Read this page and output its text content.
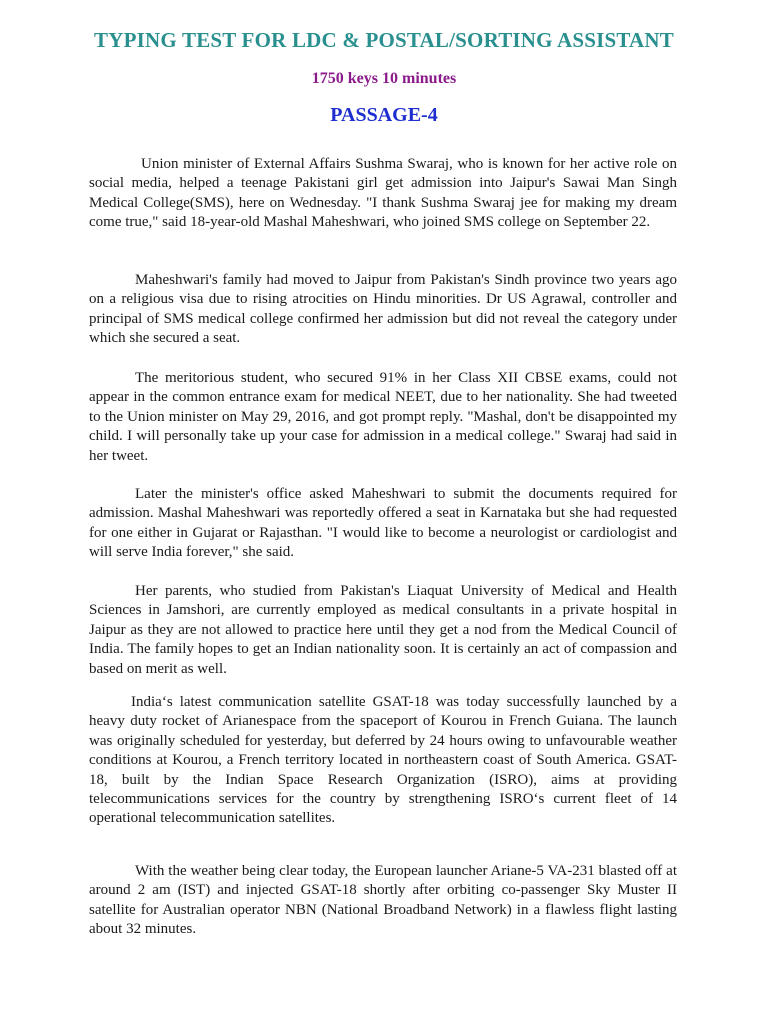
TYPING TEST FOR LDC & POSTAL/SORTING ASSISTANT
1750 keys 10 minutes
PASSAGE-4

Union minister of External Affairs Sushma Swaraj, who is known for her active role on social media, helped a teenage Pakistani girl get admission into Jaipur's Sawai Man Singh Medical College(SMS), here on Wednesday. "I thank Sushma Swaraj jee for making my dream come true," said 18-year-old Mashal Maheshwari, who joined SMS college on September 22.

Maheshwari's family had moved to Jaipur from Pakistan's Sindh province two years ago on a religious visa due to rising atrocities on Hindu minorities. Dr US Agrawal, controller and principal of SMS medical college confirmed her admission but did not reveal the category under which she secured a seat.

The meritorious student, who secured 91% in her Class XII CBSE exams, could not appear in the common entrance exam for medical NEET, due to her nationality. She had tweeted to the Union minister on May 29, 2016, and got prompt reply. "Mashal, don't be disappointed my child. I will personally take up your case for admission in a medical college." Swaraj had said in her tweet.

Later the minister's office asked Maheshwari to submit the documents required for admission. Mashal Maheshwari was reportedly offered a seat in Karnataka but she had requested for one either in Gujarat or Rajasthan. "I would like to become a neurologist or cardiologist and will serve India forever," she said.

Her parents, who studied from Pakistan's Liaquat University of Medical and Health Sciences in Jamshori, are currently employed as medical consultants in a private hospital in Jaipur as they are not allowed to practice here until they get a nod from the Medical Council of India. The family hopes to get an Indian nationality soon. It is certainly an act of compassion and based on merit as well.

India‘s latest communication satellite GSAT-18 was today successfully launched by a heavy duty rocket of Arianespace from the spaceport of Kourou in French Guiana. The launch was originally scheduled for yesterday, but deferred by 24 hours owing to unfavourable weather conditions at Kourou, a French territory located in northeastern coast of South America. GSAT-18, built by the Indian Space Research Organization (ISRO), aims at providing telecommunications services for the country by strengthening ISRO‘s current fleet of 14 operational telecommunication satellites.

With the weather being clear today, the European launcher Ariane-5 VA-231 blasted off at around 2 am (IST) and injected GSAT-18 shortly after orbiting co-passenger Sky Muster II satellite for Australian operator NBN (National Broadband Network) in a flawless flight lasting about 32 minutes.
